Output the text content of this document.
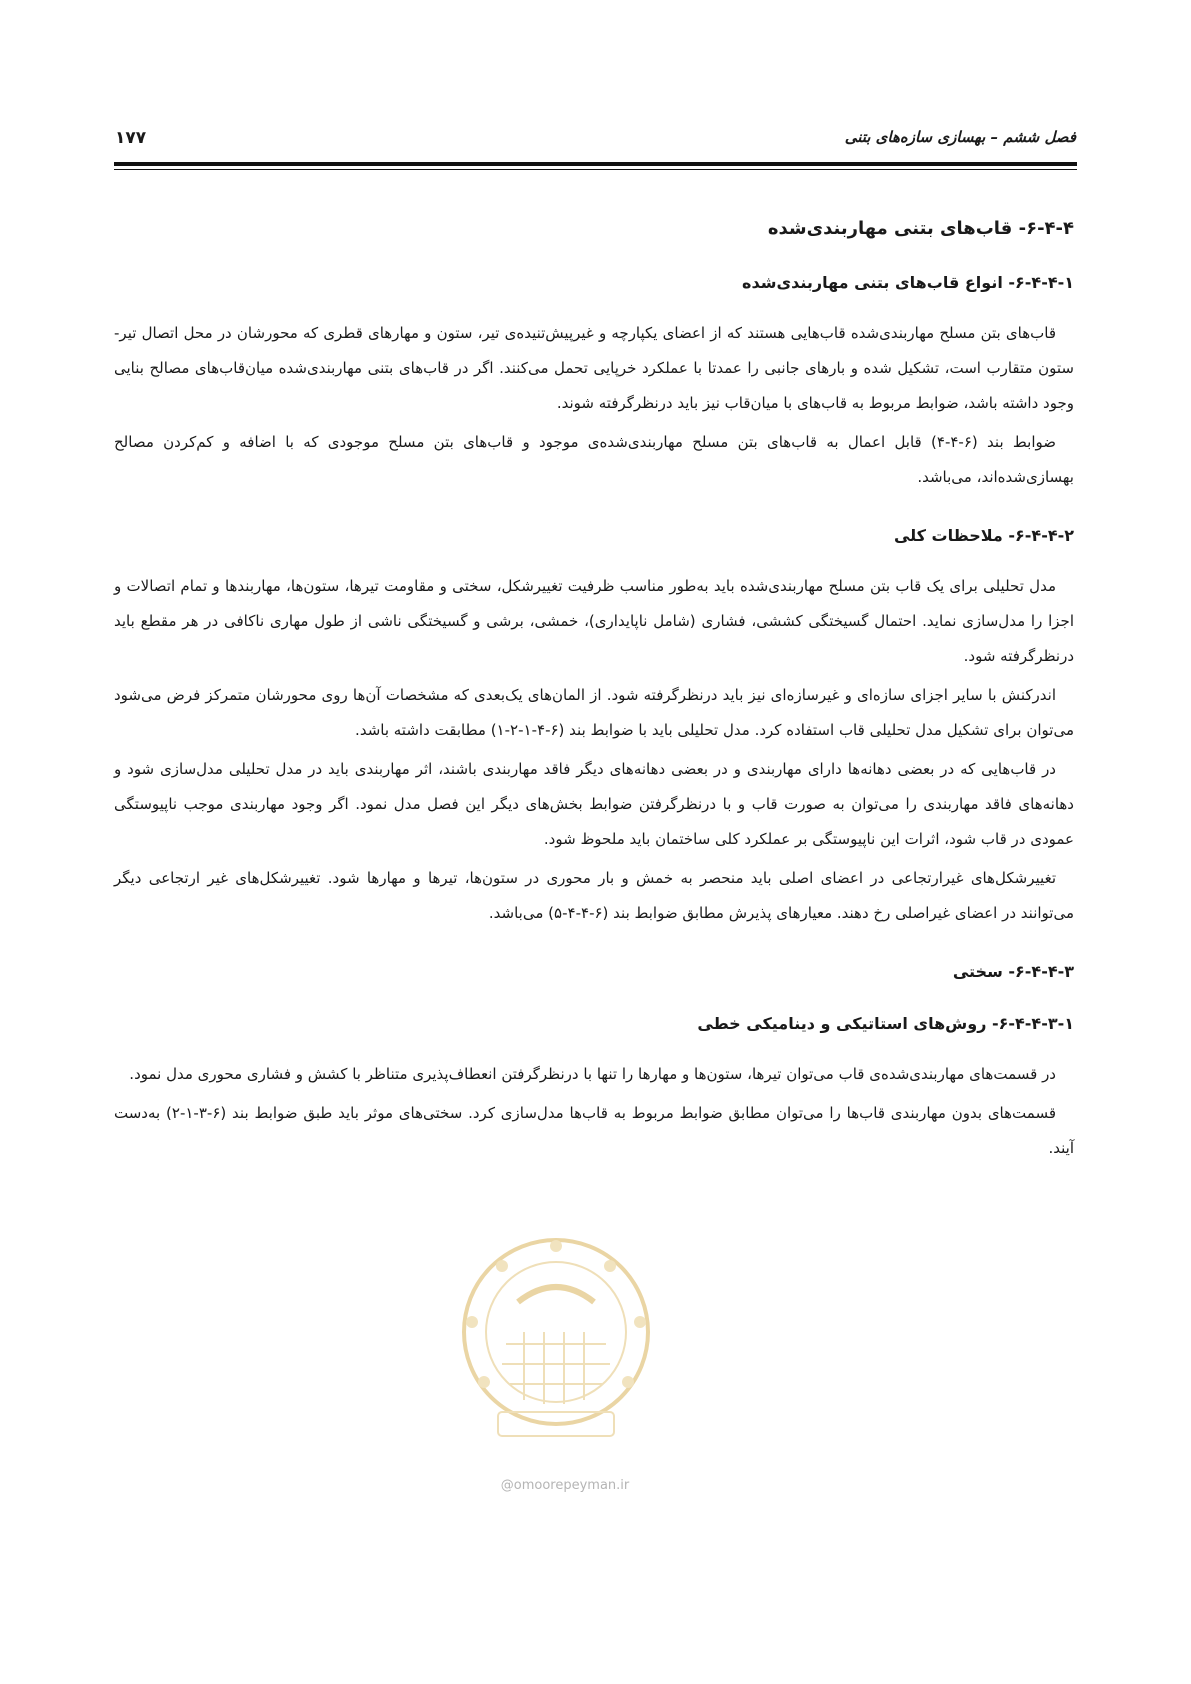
فصل ششم – بهسازی سازه‌های بتنی
۱۷۷
۶-۴-۴- قاب‌های بتنی مهاربندی‌شده
۶-۴-۴-۱- انواع قاب‌های بتنی مهاربندی‌شده

قاب‌های بتن مسلح مهاربندی‌شده قاب‌هایی هستند که از اعضای یکپارچه و غیرپیش‌تنیده‌ی تیر، ستون و مهارهای قطری که محورشان در محل اتصال تیر- ستون متقارب است، تشکیل شده و بارهای جانبی را عمدتا با عملکرد خرپایی تحمل می‌کنند. اگر در قاب‌های بتنی مهاربندی‌شده میان‌قاب‌های مصالح بنایی وجود داشته باشد، ضوابط مربوط به قاب‌های با میان‌قاب نیز باید درنظرگرفته شوند.

ضوابط بند (۶-۴-۴) قابل اعمال به قاب‌های بتن مسلح مهاربندی‌شده‌ی موجود و قاب‌های بتن مسلح موجودی که با اضافه و کم‌کردن مصالح بهسازی‌شده‌اند، می‌باشد.

۶-۴-۴-۲- ملاحظات کلی

مدل تحلیلی برای یک قاب بتن مسلح مهاربندی‌شده باید به‌طور مناسب ظرفیت تغییرشکل، سختی و مقاومت تیرها، ستون‌ها، مهاربندها و تمام اتصالات و اجزا را مدل‌سازی نماید. احتمال گسیختگی کششی، فشاری (شامل ناپایداری)، خمشی، برشی و گسیختگی ناشی از طول مهاری ناکافی در هر مقطع باید درنظرگرفته شود.

اندرکنش با سایر اجزای سازه‌ای و غیرسازه‌ای نیز باید درنظرگرفته شود. از المان‌های یک‌بعدی که مشخصات آن‌ها روی محورشان متمرکز فرض می‌شود می‌توان برای تشکیل مدل تحلیلی قاب استفاده کرد. مدل تحلیلی باید با ضوابط بند (۶-۴-۱-۲-۱) مطابقت داشته باشد.

در قاب‌هایی که در بعضی دهانه‌ها دارای مهاربندی و در بعضی دهانه‌های دیگر فاقد مهاربندی باشند، اثر مهاربندی باید در مدل تحلیلی مدل‌سازی شود و دهانه‌های فاقد مهاربندی را می‌توان به صورت قاب و با درنظرگرفتن ضوابط بخش‌های دیگر این فصل مدل نمود. اگر وجود مهاربندی موجب ناپیوستگی عمودی در قاب شود، اثرات این ناپیوستگی بر عملکرد کلی ساختمان باید ملحوظ شود.

تغییرشکل‌های غیرارتجاعی در اعضای اصلی باید منحصر به خمش و بار محوری در ستون‌ها، تیرها و مهارها شود. تغییرشکل‌های غیر ارتجاعی دیگر می‌توانند در اعضای غیراصلی رخ دهند. معیارهای پذیرش مطابق ضوابط بند (۶-۴-۴-۵) می‌باشد.

۶-۴-۴-۳- سختی
۶-۴-۴-۳-۱- روش‌های استاتیکی و دینامیکی خطی

در قسمت‌های مهاربندی‌شده‌ی قاب می‌توان تیرها، ستون‌ها و مهارها را تنها با درنظرگرفتن انعطاف‌پذیری متناظر با کشش و فشاری محوری مدل نمود.

قسمت‌های بدون مهاربندی قاب‌ها را می‌توان مطابق ضوابط مربوط به قاب‌ها مدل‌سازی کرد. سختی‌های موثر باید طبق ضوابط بند (۶-۳-۱-۲) به‌دست آیند.

@omoorepeyman.ir
